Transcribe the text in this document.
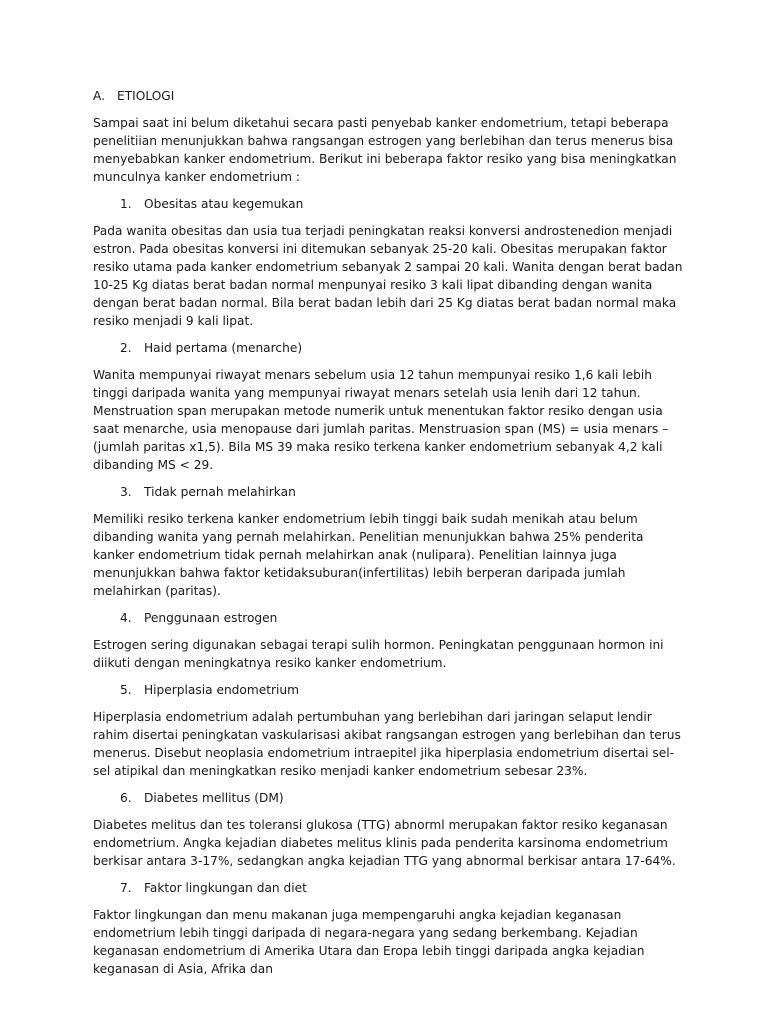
A. ETIOLOGI

Sampai saat ini belum diketahui secara pasti penyebab kanker endometrium, tetapi beberapa penelitiian menunjukkan bahwa rangsangan estrogen yang berlebihan dan terus menerus bisa menyebabkan kanker endometrium. Berikut ini beberapa faktor resiko yang bisa meningkatkan munculnya kanker endometrium :

1. Obesitas atau kegemukan

Pada wanita obesitas dan usia tua terjadi peningkatan reaksi konversi androstenedion menjadi estron. Pada obesitas konversi ini ditemukan sebanyak 25-20 kali. Obesitas merupakan faktor resiko utama pada kanker endometrium sebanyak 2 sampai 20 kali. Wanita dengan berat badan 10-25 Kg diatas berat badan normal menpunyai resiko 3 kali lipat dibanding dengan wanita dengan berat badan normal. Bila berat badan lebih dari 25 Kg diatas berat badan normal maka resiko menjadi 9 kali lipat.

2. Haid pertama (menarche)

Wanita mempunyai riwayat menars sebelum usia 12 tahun mempunyai resiko 1,6 kali lebih tinggi daripada wanita yang mempunyai riwayat menars setelah usia lenih dari 12 tahun. Menstruation span merupakan metode numerik untuk menentukan faktor resiko dengan usia saat menarche, usia menopause dari jumlah paritas. Menstruasion span (MS) = usia menars – (jumlah paritas x1,5). Bila MS 39 maka resiko terkena kanker endometrium sebanyak 4,2 kali dibanding MS < 29.

3. Tidak pernah melahirkan

Memiliki resiko terkena kanker endometrium lebih tinggi baik sudah menikah atau belum dibanding wanita yang pernah melahirkan. Penelitian menunjukkan bahwa 25% penderita kanker endometrium tidak pernah melahirkan anak (nulipara). Penelitian lainnya juga menunjukkan bahwa faktor ketidaksuburan(infertilitas) lebih berperan daripada jumlah melahirkan (paritas).

4. Penggunaan estrogen

Estrogen sering digunakan sebagai terapi sulih hormon. Peningkatan penggunaan hormon ini diikuti dengan meningkatnya resiko kanker endometrium.

5. Hiperplasia endometrium

Hiperplasia endometrium adalah pertumbuhan yang berlebihan dari jaringan selaput lendir rahim disertai peningkatan vaskularisasi akibat rangsangan estrogen yang berlebihan dan terus menerus. Disebut neoplasia endometrium intraepitel jika hiperplasia endometrium disertai sel-sel atipikal dan meningkatkan resiko menjadi kanker endometrium sebesar 23%.

6. Diabetes mellitus (DM)

Diabetes melitus dan tes toleransi glukosa (TTG) abnorml merupakan faktor resiko keganasan endometrium. Angka kejadian diabetes melitus klinis pada penderita karsinoma endometrium berkisar antara 3-17%, sedangkan angka kejadian TTG yang abnormal berkisar antara 17-64%.

7. Faktor lingkungan dan diet

Faktor lingkungan dan menu makanan juga mempengaruhi angka kejadian keganasan endometrium lebih tinggi daripada di negara-negara yang sedang berkembang. Kejadian keganasan endometrium di Amerika Utara dan Eropa lebih tinggi daripada angka kejadian keganasan di Asia, Afrika dan
